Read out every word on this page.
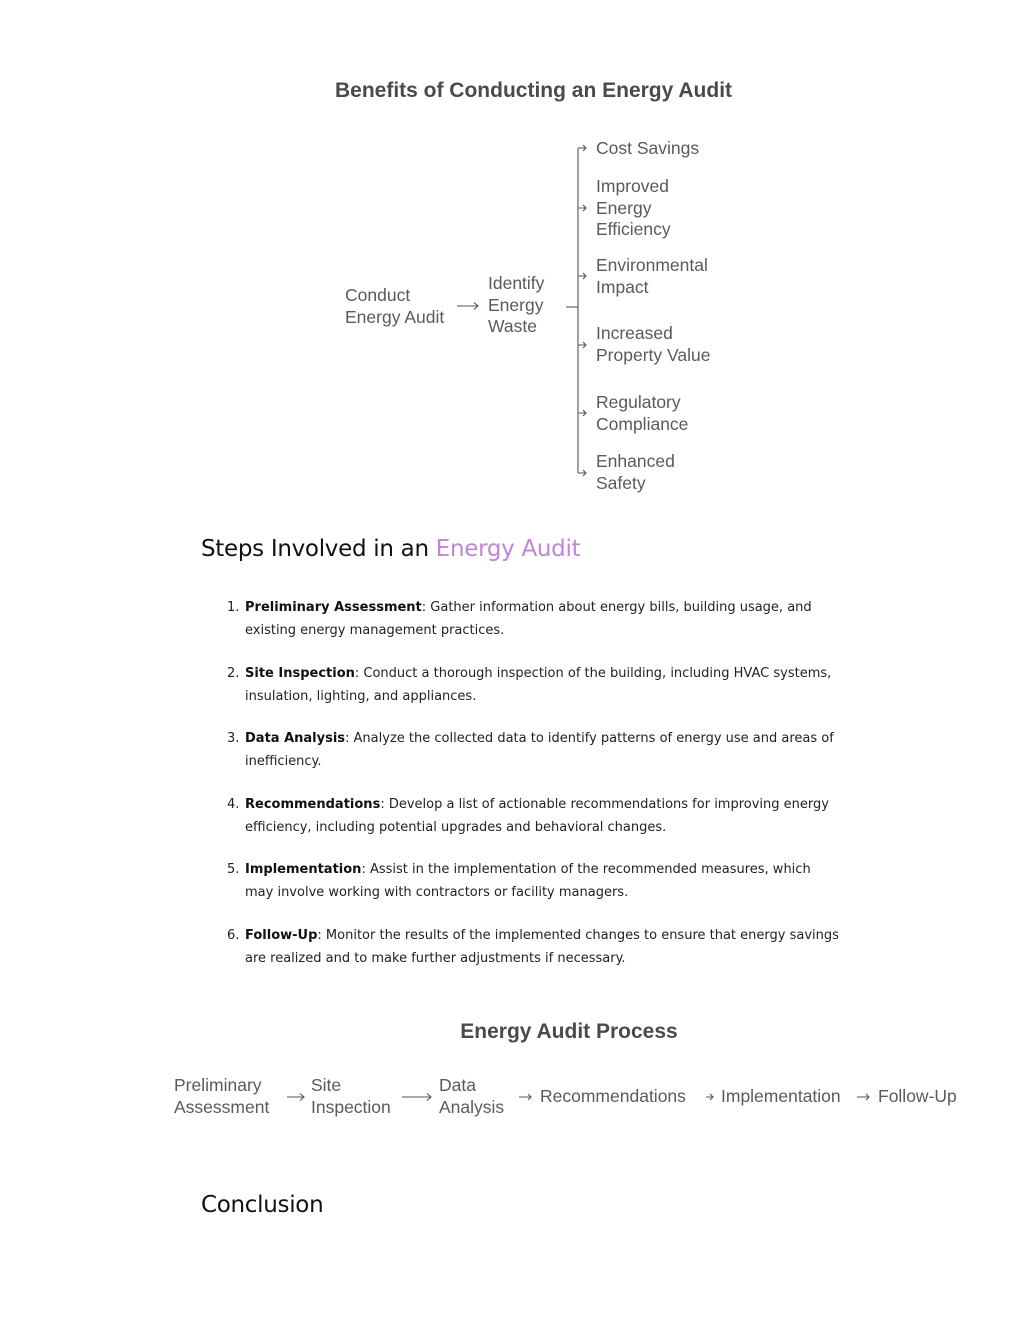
Benefits of Conducting an Energy Audit
Conduct
Energy Audit
Identify
Energy
Waste
Cost Savings
Improved
Energy
Efficiency
Environmental
Impact
Increased
Property Value
Regulatory
Compliance
Enhanced
Safety
Steps Involved in an Energy Audit
1. Preliminary Assessment: Gather information about energy bills, building usage, and existing energy management practices.
2. Site Inspection: Conduct a thorough inspection of the building, including HVAC systems, insulation, lighting, and appliances.
3. Data Analysis: Analyze the collected data to identify patterns of energy use and areas of inefficiency.
4. Recommendations: Develop a list of actionable recommendations for improving energy efficiency, including potential upgrades and behavioral changes.
5. Implementation: Assist in the implementation of the recommended measures, which may involve working with contractors or facility managers.
6. Follow-Up: Monitor the results of the implemented changes to ensure that energy savings are realized and to make further adjustments if necessary.
Energy Audit Process
Preliminary
Assessment
Site
Inspection
Data
Analysis
Recommendations Implementation Follow-Up
Conclusion
